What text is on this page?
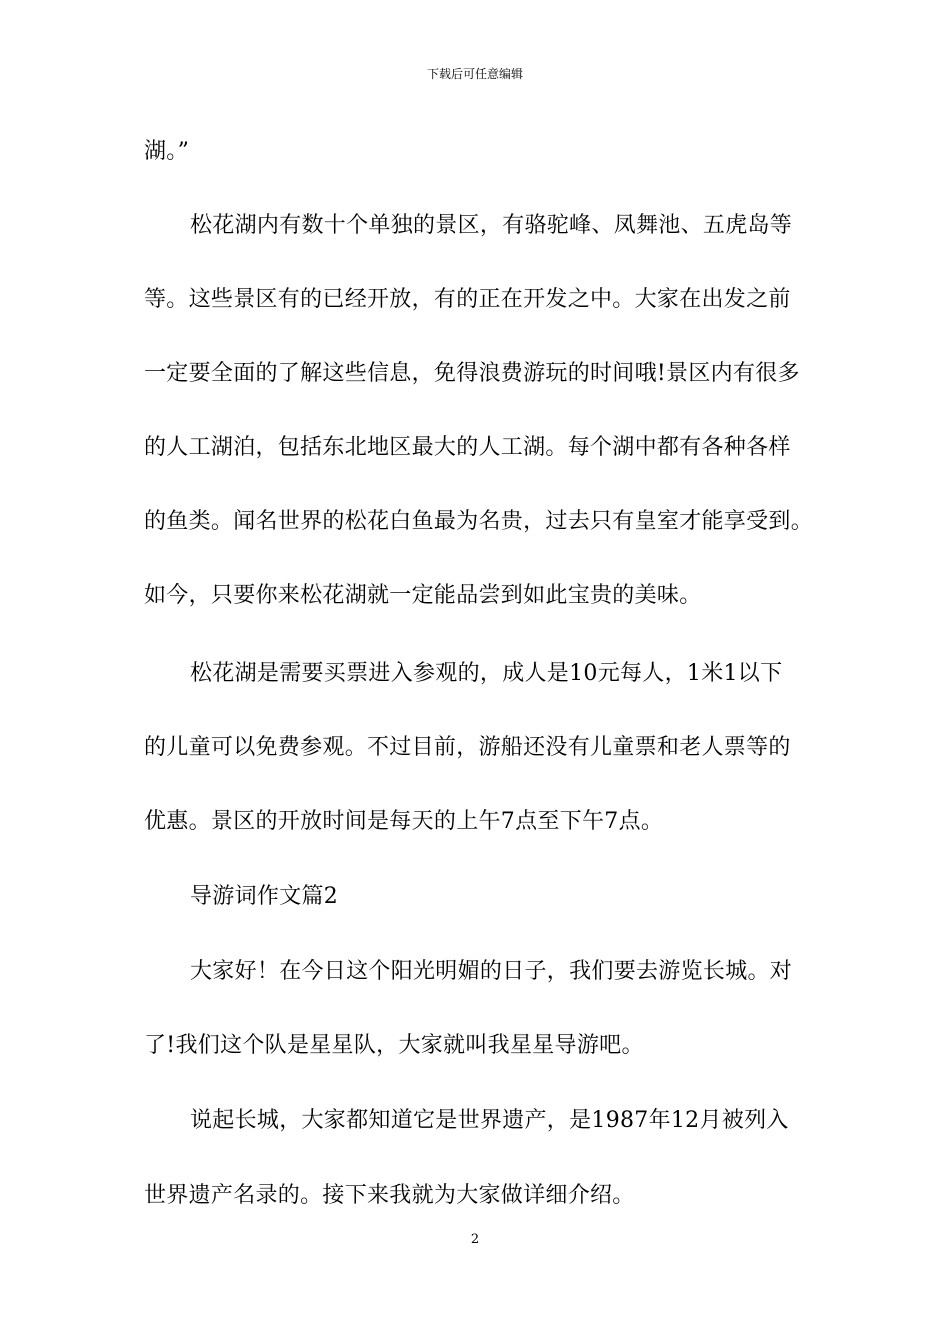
下载后可任意编辑
湖。”
松花湖内有数十个单独的景区，有骆驼峰、凤舞池、五虎岛等
等。这些景区有的已经开放，有的正在开发之中。大家在出发之前
一定要全面的了解这些信息，免得浪费游玩的时间哦!景区内有很多
的人工湖泊，包括东北地区最大的人工湖。每个湖中都有各种各样
的鱼类。闻名世界的松花白鱼最为名贵，过去只有皇室才能享受到。
如今，只要你来松花湖就一定能品尝到如此宝贵的美味。
松花湖是需要买票进入参观的，成人是10元每人，1米1以下
的儿童可以免费参观。不过目前，游船还没有儿童票和老人票等的
优惠。景区的开放时间是每天的上午7点至下午7点。
导游词作文篇2
大家好！在今日这个阳光明媚的日子，我们要去游览长城。对
了!我们这个队是星星队，大家就叫我星星导游吧。
说起长城，大家都知道它是世界遗产，是1987年12月被列入
世界遗产名录的。接下来我就为大家做详细介绍。
2
